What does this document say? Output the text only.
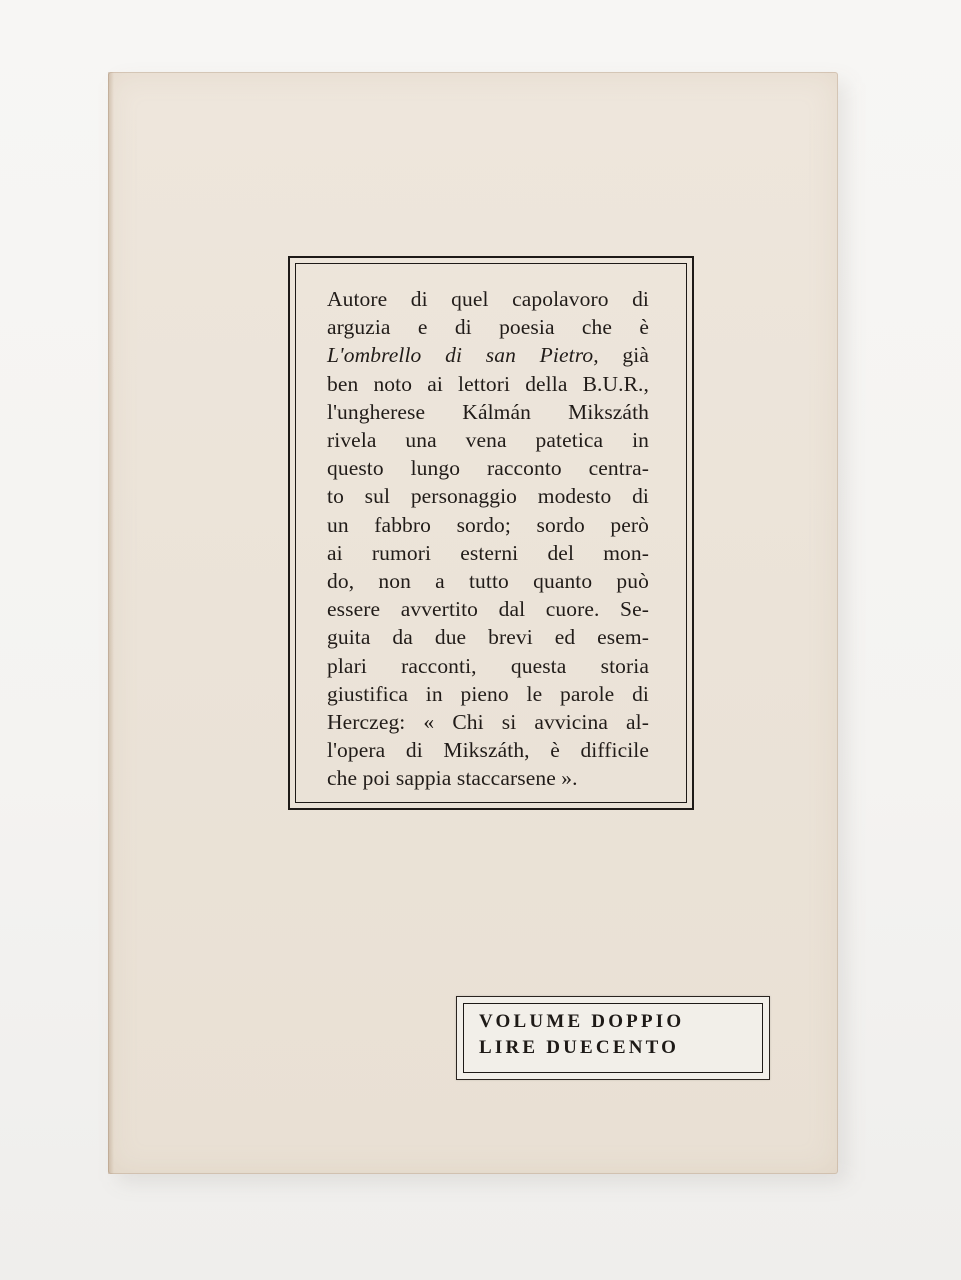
Autore di quel capolavoro di
arguzia e di poesia che è
L'ombrello di san Pietro, già
ben noto ai lettori della B.U.R.,
l'ungherese Kálmán Mikszáth
rivela una vena patetica in
questo lungo racconto centra-
to sul personaggio modesto di
un fabbro sordo; sordo però
ai rumori esterni del mon-
do, non a tutto quanto può
essere avvertito dal cuore. Se-
guita da due brevi ed esem-
plari racconti, questa storia
giustifica in pieno le parole di
Herczeg: « Chi si avvicina al-
l'opera di Mikszáth, è difficile
che poi sappia staccarsene ».

VOLUME DOPPIO
LIRE DUECENTO
